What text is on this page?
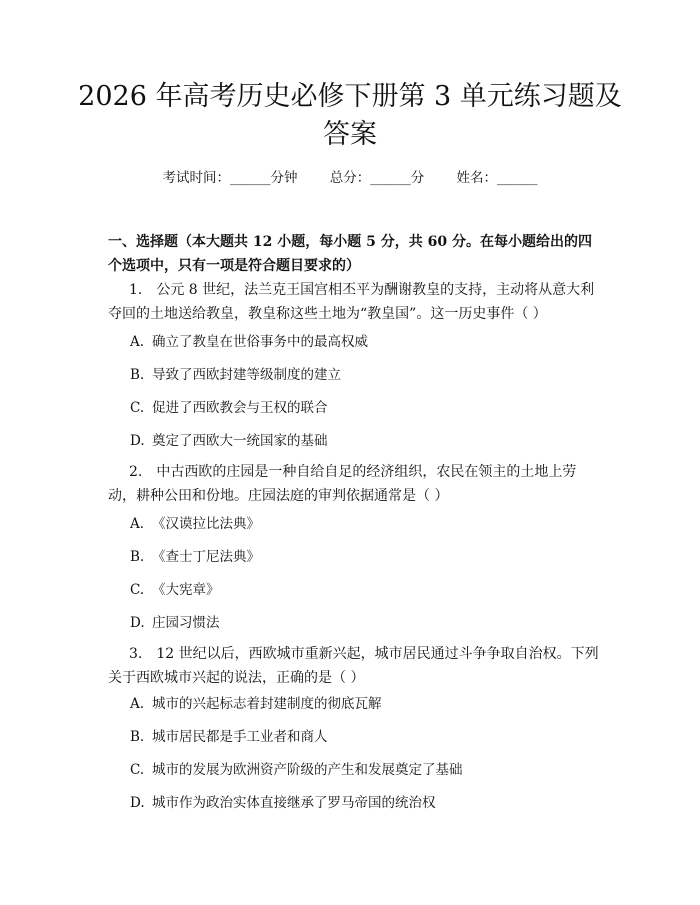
2026 年高考历史必修下册第 3 单元练习题及
答案
考试时间：______分钟 总分：______分 姓名：______
一、选择题（本大题共 12 小题，每小题 5 分，共 60 分。在每小题给出的四个选项中，只有一项是符合题目要求的）
1.　公元 8 世纪，法兰克王国宫相丕平为酬谢教皇的支持，主动将从意大利夺回的土地送给教皇，教皇称这些土地为“教皇国”。这一历史事件（ ）
A. 确立了教皇在世俗事务中的最高权威
B. 导致了西欧封建等级制度的建立
C. 促进了西欧教会与王权的联合
D. 奠定了西欧大一统国家的基础
2.　中古西欧的庄园是一种自给自足的经济组织，农民在领主的土地上劳动，耕种公田和份地。庄园法庭的审判依据通常是（ ）
A. 《汉谟拉比法典》
B. 《查士丁尼法典》
C. 《大宪章》
D. 庄园习惯法
3.　12 世纪以后，西欧城市重新兴起，城市居民通过斗争争取自治权。下列关于西欧城市兴起的说法，正确的是（ ）
A. 城市的兴起标志着封建制度的彻底瓦解
B. 城市居民都是手工业者和商人
C. 城市的发展为欧洲资产阶级的产生和发展奠定了基础
D. 城市作为政治实体直接继承了罗马帝国的统治权
